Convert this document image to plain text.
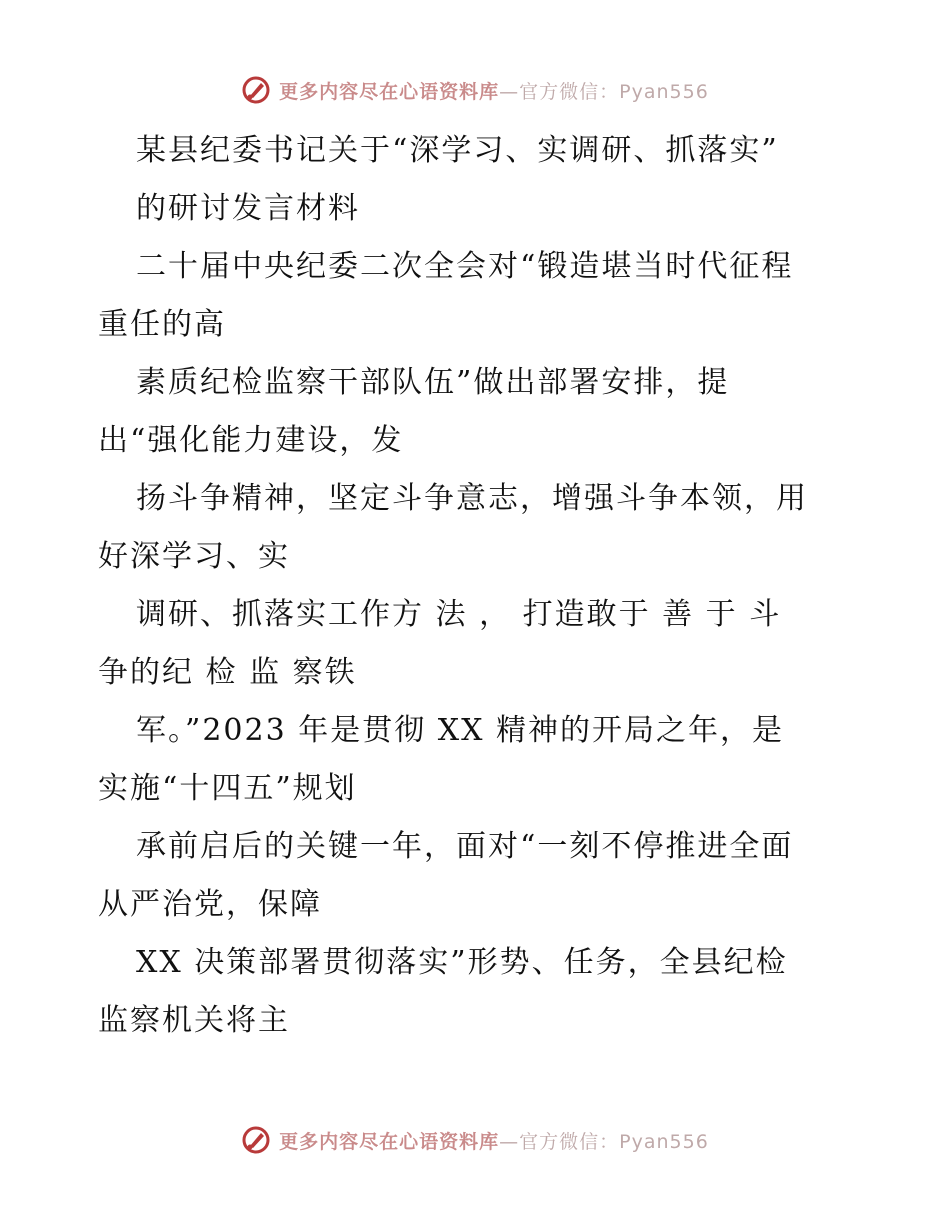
更多内容尽在心语资料库—官方微信：Pyan556
某县纪委书记关于“深学习、实调研、抓落实”
的研讨发言材料
二十届中央纪委二次全会对“锻造堪当时代征程
重任的高
素质纪检监察干部队伍”做出部署安排，提
出“强化能力建设，发
扬斗争精神，坚定斗争意志，增强斗争本领，用
好深学习、实
调研、抓落实工作方 法 ， 打造敢于 善 于 斗
争的纪 检 监 察铁
军。”2023 年是贯彻 XX 精神的开局之年，是
实施“十四五”规划
承前启后的关键一年，面对“一刻不停推进全面
从严治党，保障
XX 决策部署贯彻落实”形势、任务，全县纪检
监察机关将主
更多内容尽在心语资料库—官方微信：Pyan556
